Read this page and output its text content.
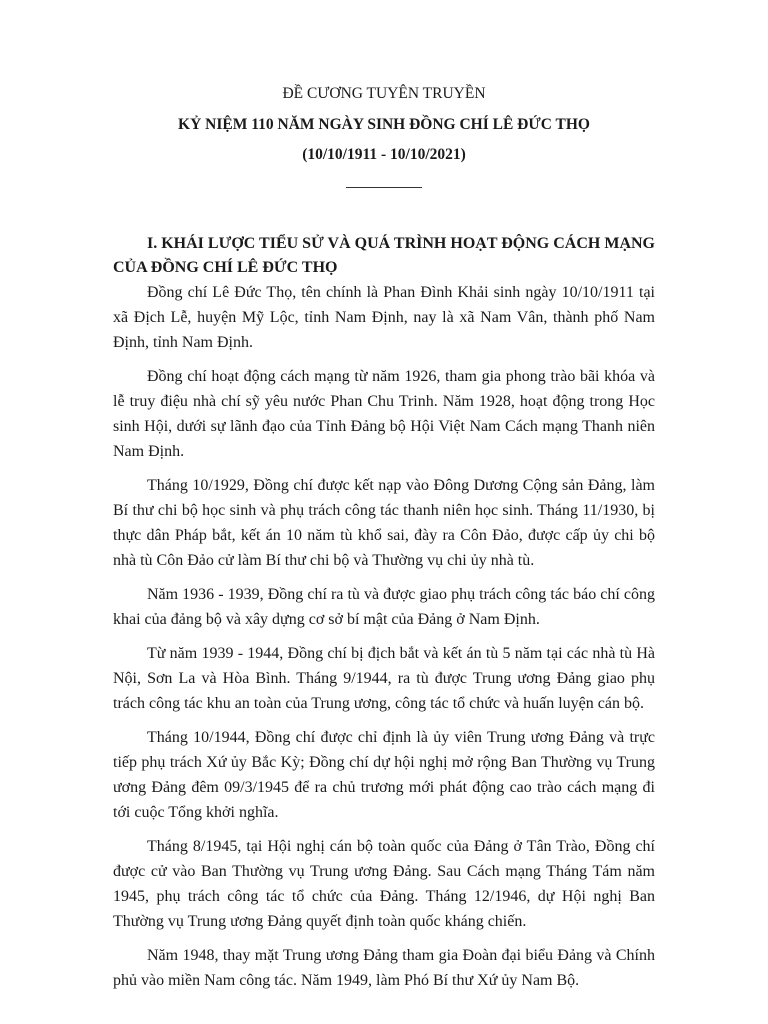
ĐỀ CƯƠNG TUYÊN TRUYỀN
KỶ NIỆM 110 NĂM NGÀY SINH ĐỒNG CHÍ LÊ ĐỨC THỌ
(10/10/1911 - 10/10/2021)
I. KHÁI LƯỢC TIỂU SỬ VÀ QUÁ TRÌNH HOẠT ĐỘNG CÁCH MẠNG CỦA ĐỒNG CHÍ LÊ ĐỨC THỌ

Đồng chí Lê Đức Thọ, tên chính là Phan Đình Khải sinh ngày 10/10/1911 tại xã Địch Lễ, huyện Mỹ Lộc, tỉnh Nam Định, nay là xã Nam Vân, thành phố Nam Định, tỉnh Nam Định.

Đồng chí hoạt động cách mạng từ năm 1926, tham gia phong trào bãi khóa và lễ truy điệu nhà chí sỹ yêu nước Phan Chu Trinh. Năm 1928, hoạt động trong Học sinh Hội, dưới sự lãnh đạo của Tỉnh Đảng bộ Hội Việt Nam Cách mạng Thanh niên Nam Định.

Tháng 10/1929, Đồng chí được kết nạp vào Đông Dương Cộng sản Đảng, làm Bí thư chi bộ học sinh và phụ trách công tác thanh niên học sinh. Tháng 11/1930, bị thực dân Pháp bắt, kết án 10 năm tù khổ sai, đày ra Côn Đảo, được cấp ủy chi bộ nhà tù Côn Đảo cử làm Bí thư chi bộ và Thường vụ chi ủy nhà tù.

Năm 1936 - 1939, Đồng chí ra tù và được giao phụ trách công tác báo chí công khai của đảng bộ và xây dựng cơ sở bí mật của Đảng ở Nam Định.

Từ năm 1939 - 1944, Đồng chí bị địch bắt và kết án tù 5 năm tại các nhà tù Hà Nội, Sơn La và Hòa Bình. Tháng 9/1944, ra tù được Trung ương Đảng giao phụ trách công tác khu an toàn của Trung ương, công tác tổ chức và huấn luyện cán bộ.

Tháng 10/1944, Đồng chí được chỉ định là ủy viên Trung ương Đảng và trực tiếp phụ trách Xứ ủy Bắc Kỳ; Đồng chí dự hội nghị mở rộng Ban Thường vụ Trung ương Đảng đêm 09/3/1945 để ra chủ trương mới phát động cao trào cách mạng đi tới cuộc Tổng khởi nghĩa.

Tháng 8/1945, tại Hội nghị cán bộ toàn quốc của Đảng ở Tân Trào, Đồng chí được cử vào Ban Thường vụ Trung ương Đảng. Sau Cách mạng Tháng Tám năm 1945, phụ trách công tác tổ chức của Đảng. Tháng 12/1946, dự Hội nghị Ban Thường vụ Trung ương Đảng quyết định toàn quốc kháng chiến.

Năm 1948, thay mặt Trung ương Đảng tham gia Đoàn đại biểu Đảng và Chính phủ vào miền Nam công tác. Năm 1949, làm Phó Bí thư Xứ ủy Nam Bộ.
